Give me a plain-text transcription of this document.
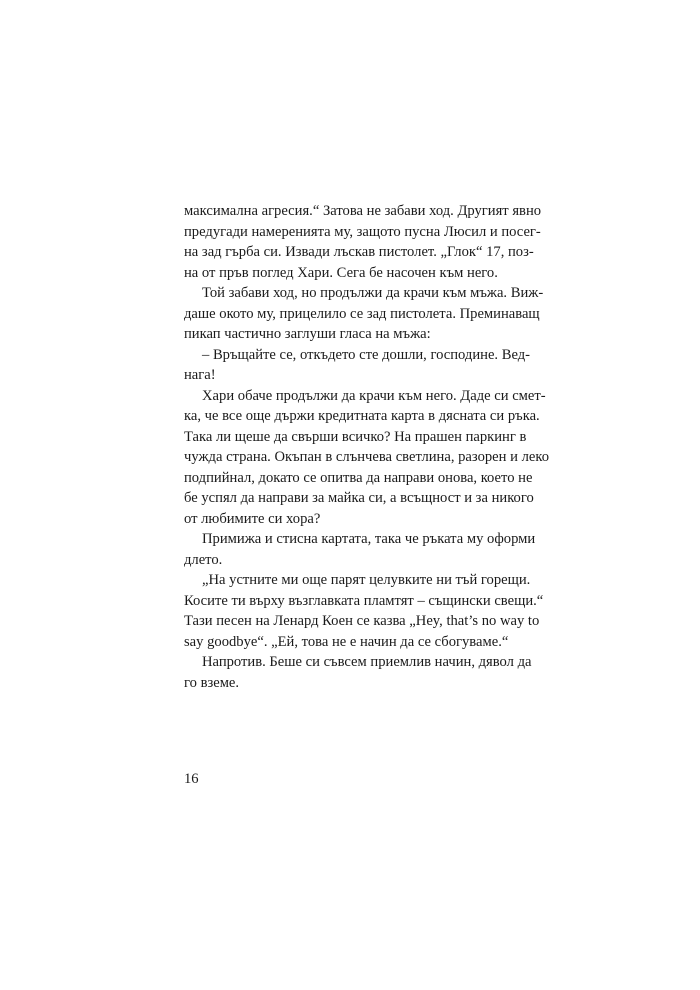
максимална агресия.“ Затова не забави ход. Другият явно
предугади намеренията му, защото пусна Люсил и посег-
на зад гърба си. Извади лъскав пистолет. „Глок“ 17, поз-
на от пръв поглед Хари. Сега бе насочен към него.
Той забави ход, но продължи да крачи към мъжа. Виж-
даше окото му, прицелило се зад пистолета. Преминаващ
пикап частично заглуши гласа на мъжа:
– Връщайте се, откъдето сте дошли, господине. Вед-
нага!
Хари обаче продължи да крачи към него. Даде си смет-
ка, че все още държи кредитната карта в дясната си ръка.
Така ли щеше да свърши всичко? На прашен паркинг в
чужда страна. Окъпан в слънчева светлина, разорен и леко
подпийнал, докато се опитва да направи онова, което не
бе успял да направи за майка си, а всъщност и за никого
от любимите си хора?
Примижа и стисна картата, така че ръката му оформи
длето.
„На устните ми още парят целувките ни тъй горещи.
Косите ти върху възглавката пламтят – същински свещи.“
Тази песен на Ленард Коен се казва „Hey, that’s no way to
say goodbye“. „Ей, това не е начин да се сбогуваме.“
Напротив. Беше си съвсем приемлив начин, дявол да
го вземе.
16
